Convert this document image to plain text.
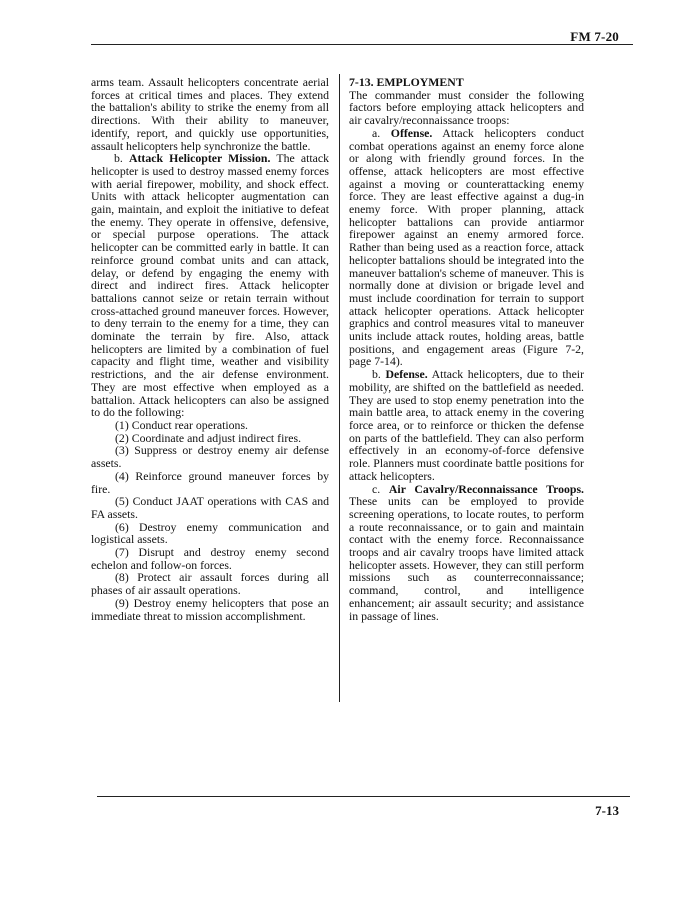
FM 7-20

arms team. Assault helicopters concentrate aerial forces at critical times and places. They extend the battalion's ability to strike the enemy from all directions. With their ability to maneuver, identify, report, and quickly use opportunities, assault helicopters help synchronize the battle.

b. Attack Helicopter Mission. The attack helicopter is used to destroy massed enemy forces with aerial firepower, mobility, and shock effect. Units with attack helicopter augmentation can gain, maintain, and exploit the initiative to defeat the enemy. They operate in offensive, defensive, or special purpose operations. The attack helicopter can be committed early in battle. It can reinforce ground combat units and can attack, delay, or defend by engaging the enemy with direct and indirect fires. Attack helicopter battalions cannot seize or retain terrain without cross-attached ground maneuver forces. However, to deny terrain to the enemy for a time, they can dominate the terrain by fire. Also, attack helicopters are limited by a combination of fuel capacity and flight time, weather and visibility restrictions, and the air defense environment. They are most effective when employed as a battalion. Attack helicopters can also be assigned to do the following:

(1) Conduct rear operations.

(2) Coordinate and adjust indirect fires.

(3) Suppress or destroy enemy air defense assets.

(4) Reinforce ground maneuver forces by fire.

(5) Conduct JAAT operations with CAS and FA assets.

(6) Destroy enemy communication and logistical assets.

(7) Disrupt and destroy enemy second echelon and follow-on forces.

(8) Protect air assault forces during all phases of air assault operations.

(9) Destroy enemy helicopters that pose an immediate threat to mission accomplishment.

7-13. EMPLOYMENT

The commander must consider the following factors before employing attack helicopters and air cavalry/reconnaissance troops:

a. Offense. Attack helicopters conduct combat operations against an enemy force alone or along with friendly ground forces. In the offense, attack helicopters are most effective against a moving or counterattacking enemy force. They are least effective against a dug-in enemy force. With proper planning, attack helicopter battalions can provide antiarmor firepower against an enemy armored force. Rather than being used as a reaction force, attack helicopter battalions should be integrated into the maneuver battalion's scheme of maneuver. This is normally done at division or brigade level and must include coordination for terrain to support attack helicopter operations. Attack helicopter graphics and control measures vital to maneuver units include attack routes, holding areas, battle positions, and engagement areas (Figure 7-2, page 7-14).

b. Defense. Attack helicopters, due to their mobility, are shifted on the battlefield as needed. They are used to stop enemy penetration into the main battle area, to attack enemy in the covering force area, or to reinforce or thicken the defense on parts of the battlefield. They can also perform effectively in an economy-of-force defensive role. Planners must coordinate battle positions for attack helicopters.

c. Air Cavalry/Reconnaissance Troops. These units can be employed to provide screening operations, to locate routes, to perform a route reconnaissance, or to gain and maintain contact with the enemy force. Reconnaissance troops and air cavalry troops have limited attack helicopter assets. However, they can still perform missions such as counterreconnaissance; command, control, and intelligence enhancement; air assault security; and assistance in passage of lines.

7-13
